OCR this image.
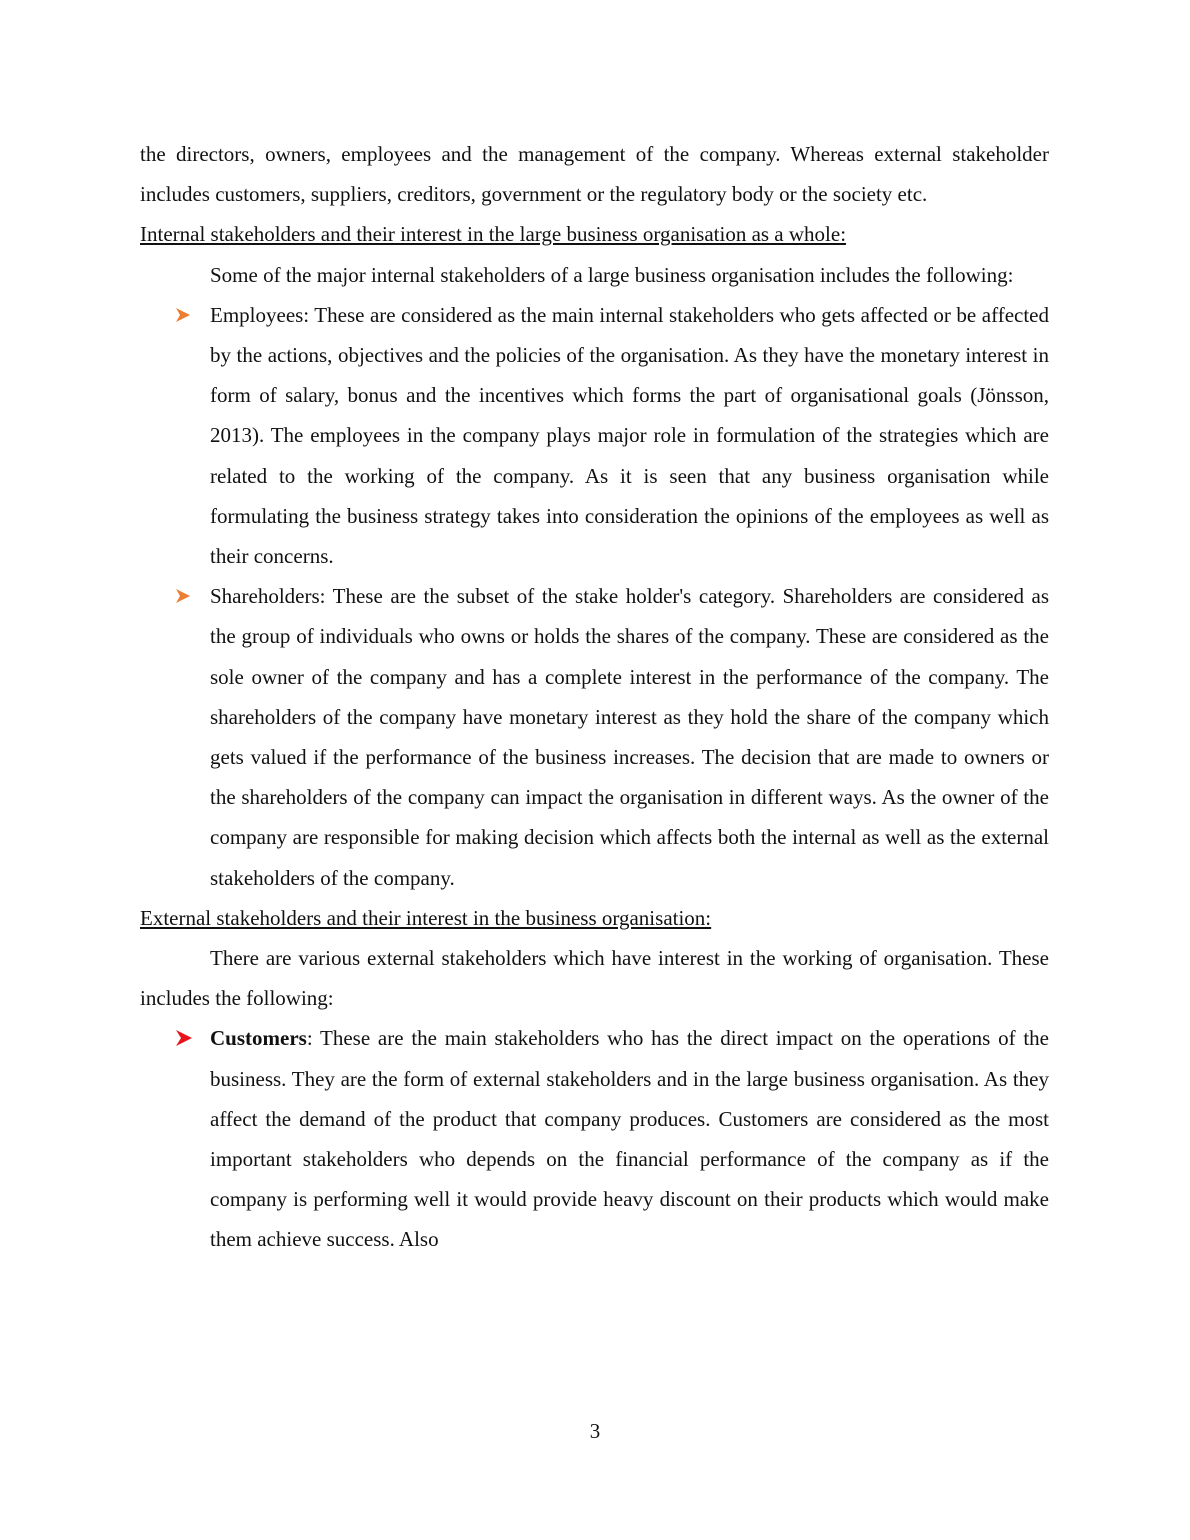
the directors, owners, employees and the management of the company. Whereas external stakeholder includes customers, suppliers, creditors, government or the regulatory body or the society etc.

Internal stakeholders and their interest in the large business organisation as a whole:

Some of the major internal stakeholders of a large business organisation includes the following:

Employees: These are considered as the main internal stakeholders who gets affected or be affected by the actions, objectives and the policies of the organisation. As they have the monetary interest in form of salary, bonus and the incentives which forms the part of organisational goals (Jönsson, 2013). The employees in the company plays major role in formulation of the strategies which are related to the working of the company. As it is seen that any business organisation while formulating the business strategy takes into consideration the opinions of the employees as well as their concerns.

Shareholders: These are the subset of the stake holder's category. Shareholders are considered as the group of individuals who owns or holds the shares of the company. These are considered as the sole owner of the company and has a complete interest in the performance of the company. The shareholders of the company have monetary interest as they hold the share of the company which gets valued if the performance of the business increases. The decision that are made to owners or the shareholders of the company can impact the organisation in different ways. As the owner of the company are responsible for making decision which affects both the internal as well as the external stakeholders of the company.

External stakeholders and their interest in the business organisation:

There are various external stakeholders which have interest in the working of organisation. These includes the following:

Customers: These are the main stakeholders who has the direct impact on the operations of the business. They are the form of external stakeholders and in the large business organisation. As they affect the demand of the product that company produces. Customers are considered as the most important stakeholders who depends on the financial performance of the company as if the company is performing well it would provide heavy discount on their products which would make them achieve success. Also

3
